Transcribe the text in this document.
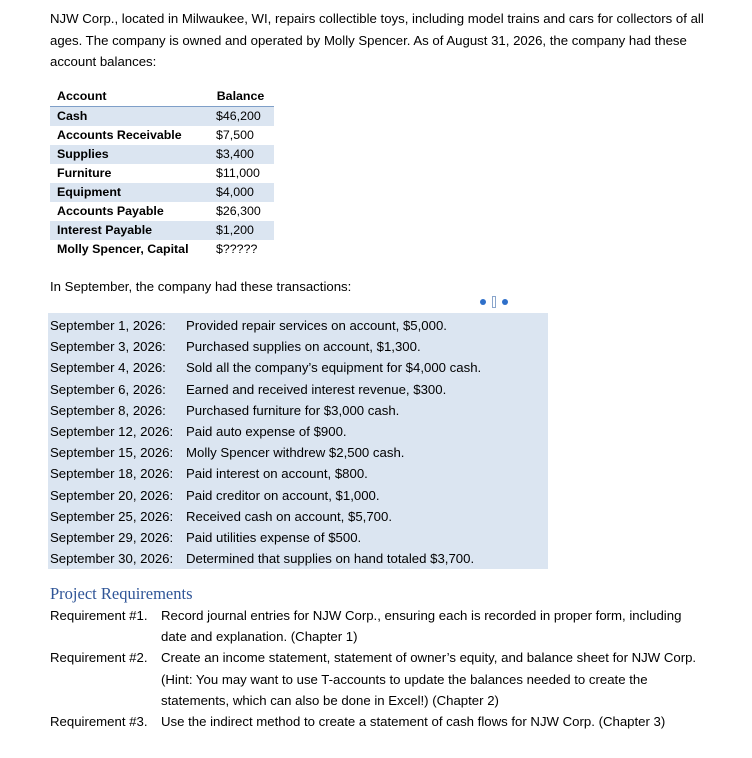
NJW Corp., located in Milwaukee, WI, repairs collectible toys, including model trains and cars for collectors of all ages. The company is owned and operated by Molly Spencer. As of August 31, 2026, the company had these account balances:

Account	Balance
Cash	$46,200
Accounts Receivable	$7,500
Supplies	$3,400
Furniture	$11,000
Equipment	$4,000
Accounts Payable	$26,300
Interest Payable	$1,200
Molly Spencer, Capital	$?????

In September, the company had these transactions:

September 1, 2026: Provided repair services on account, $5,000.
September 3, 2026: Purchased supplies on account, $1,300.
September 4, 2026: Sold all the company’s equipment for $4,000 cash.
September 6, 2026: Earned and received interest revenue, $300.
September 8, 2026: Purchased furniture for $3,000 cash.
September 12, 2026: Paid auto expense of $900.
September 15, 2026: Molly Spencer withdrew $2,500 cash.
September 18, 2026: Paid interest on account, $800.
September 20, 2026: Paid creditor on account, $1,000.
September 25, 2026: Received cash on account, $5,700.
September 29, 2026: Paid utilities expense of $500.
September 30, 2026: Determined that supplies on hand totaled $3,700.
Project Requirements
Requirement #1. Record journal entries for NJW Corp., ensuring each is recorded in proper form, including date and explanation. (Chapter 1)
Requirement #2. Create an income statement, statement of owner’s equity, and balance sheet for NJW Corp. (Hint: You may want to use T-accounts to update the balances needed to create the statements, which can also be done in Excel!) (Chapter 2)
Requirement #3. Use the indirect method to create a statement of cash flows for NJW Corp. (Chapter 3)
